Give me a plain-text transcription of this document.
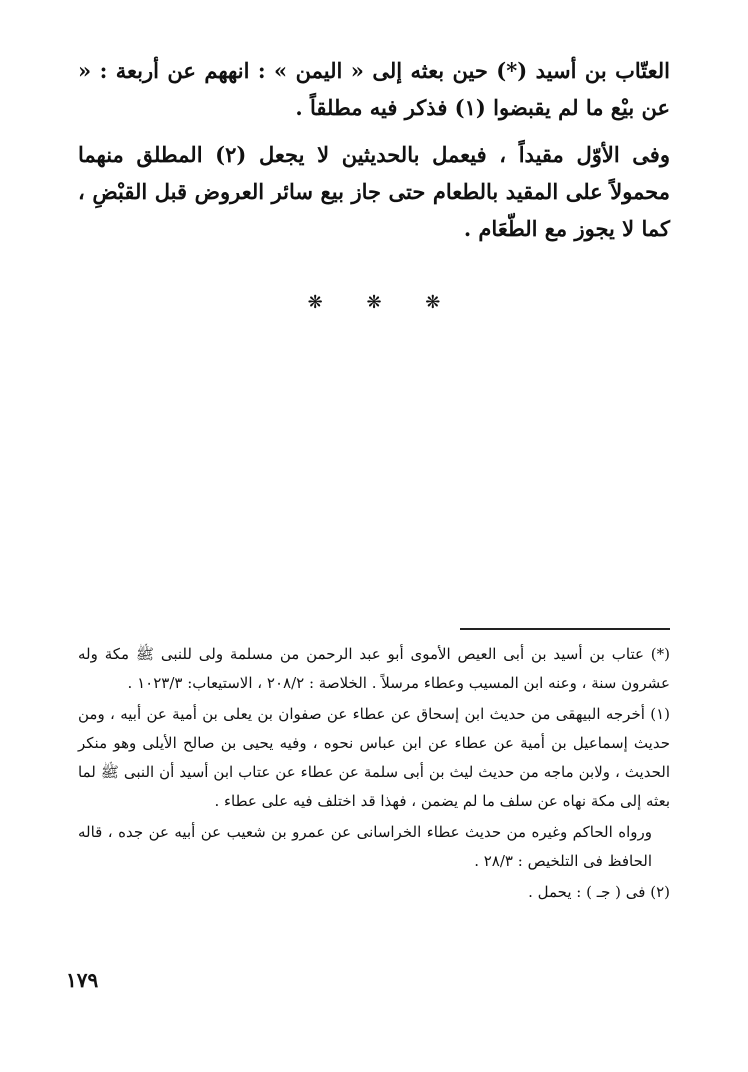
العتّاب بن أسيد (*) حين بعثه إلى « اليمن » : انههم عن أربعة : « عن بيْع ما لم يقبضوا (١) فذكر فيه مطلقاً .

وفى الأوّل مقيداً ، فيعمل بالحديثين لا يجعل (٢) المطلق منهما محمولاً على المقيد بالطعام حتى جاز بيع سائر العروض قبل القبْضِ ، كما لا يجوز مع الطّعَام .

❋ ❋ ❋

(*) عتاب بن أسيد بن أبى العيص الأموى أبو عبد الرحمن من مسلمة ولى للنبى ﷺ مكة وله عشرون سنة ، وعنه ابن المسيب وعطاء مرسلاً . الخلاصة : ٢٠٨/٢ ، الاستيعاب: ١٠٢٣/٣ .

(١) أخرجه البيهقى من حديث ابن إسحاق عن عطاء عن صفوان بن يعلى بن أمية عن أبيه ، ومن حديث إسماعيل بن أمية عن عطاء عن ابن عباس نحوه ، وفيه يحيى بن صالح الأيلى وهو منكر الحديث ، ولابن ماجه من حديث ليث بن أبى سلمة عن عطاء عن عتاب ابن أسيد أن النبى ﷺ لما بعثه إلى مكة نهاه عن سلف ما لم يضمن ، فهذا قد اختلف فيه على عطاء .

ورواه الحاكم وغيره من حديث عطاء الخراسانى عن عمرو بن شعيب عن أبيه عن جده ، قاله الحافظ فى التلخيص : ٢٨/٣ .

(٢) فى ( جـ ) : يحمل .

١٧٩
